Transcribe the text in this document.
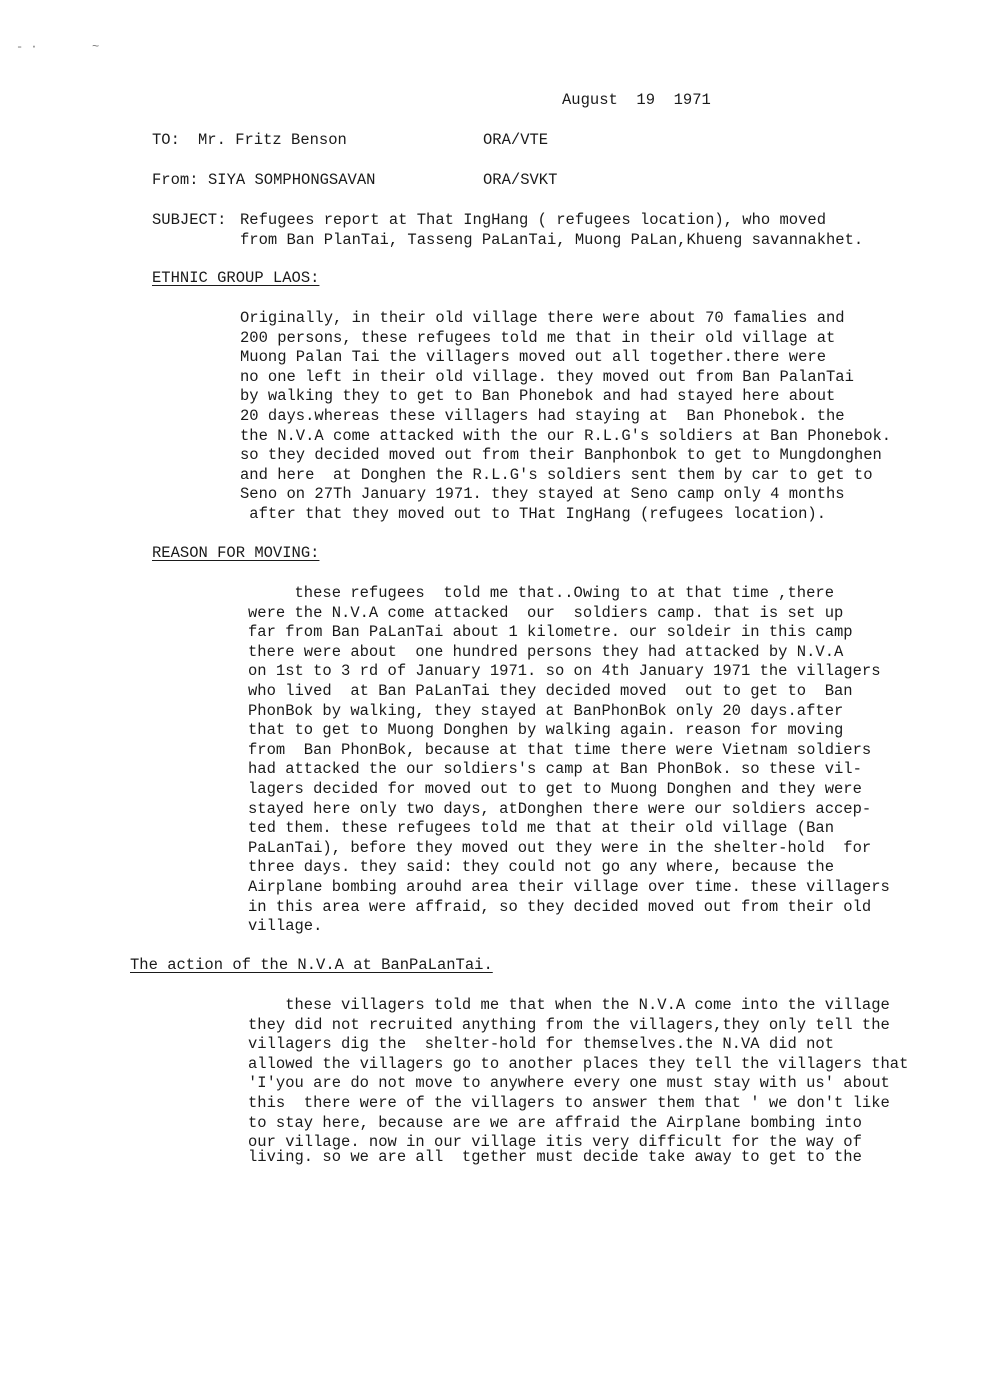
- ·	~
August  19  1971
TO: Mr. Fritz Benson	ORA/VTE
From: SIYA SOMPHONGSAVAN	ORA/SVKT
SUBJECT: Refugees report at That IngHang ( refugees location), who moved
from Ban PlanTai, Tasseng PaLanTai, Muong PaLan,Khueng savannakhet.
ETHNIC GROUP LAOS:
Originally, in their old village there were about 70 famalies and
200 persons, these refugees told me that in their old village at
Muong Palan Tai the villagers moved out all together.there were
no one left in their old village. they moved out from Ban PalanTai
by walking they to get to Ban Phonebok and had stayed here about
20 days.whereas these villagers had staying at  Ban Phonebok. the
the N.V.A come attacked with the our R.L.G's soldiers at Ban Phonebok.
so they decided moved out from their Banphonbok to get to Mungdonghen
and here  at Donghen the R.L.G's soldiers sent them by car to get to
Seno on 27Th January 1971. they stayed at Seno camp only 4 months
after that they moved out to THat IngHang (refugees location).
REASON FOR MOVING:
these refugees  told me that..Owing to at that time ,there
were the N.V.A come attacked  our  soldiers camp. that is set up
far from Ban PaLanTai about 1 kilometre. our soldeir in this camp
there were about  one hundred persons they had attacked by N.V.A
on 1st to 3 rd of January 1971. so on 4th January 1971 the villagers
who lived  at Ban PaLanTai they decided moved  out to get to  Ban
PhonBok by walking, they stayed at BanPhonBok only 20 days.after
that to get to Muong Donghen by walking again. reason for moving
from  Ban PhonBok, because at that time there were Vietnam soldiers
had attacked the our soldiers's camp at Ban PhonBok. so these vil-
lagers decided for moved out to get to Muong Donghen and they were
stayed here only two days, atDonghen there were our soldiers accep-
ted them. these refugees told me that at their old village (Ban
PaLanTai), before they moved out they were in the shelter-hold  for
three days. they said: they could not go any where, because the
Airplane bombing arouhd area their village over time. these villagers
in this area were affraid, so they decided moved out from their old
village.
The action of the N.V.A at BanPaLanTai.
these villagers told me that when the N.V.A come into the village
they did not recruited anything from the villagers,they only tell the
villagers dig the  shelter-hold for themselves.the N.VA did not
allowed the villagers go to another places they tell the villagers that
'I'you are do not move to anywhere every one must stay with us' about
this  there were of the villagers to answer them that ' we don't like
to stay here, because are we are affraid the Airplane bombing into
our village. now in our village itis very difficult for the way of
living. so we are all  tgether must decide take away to get to the
